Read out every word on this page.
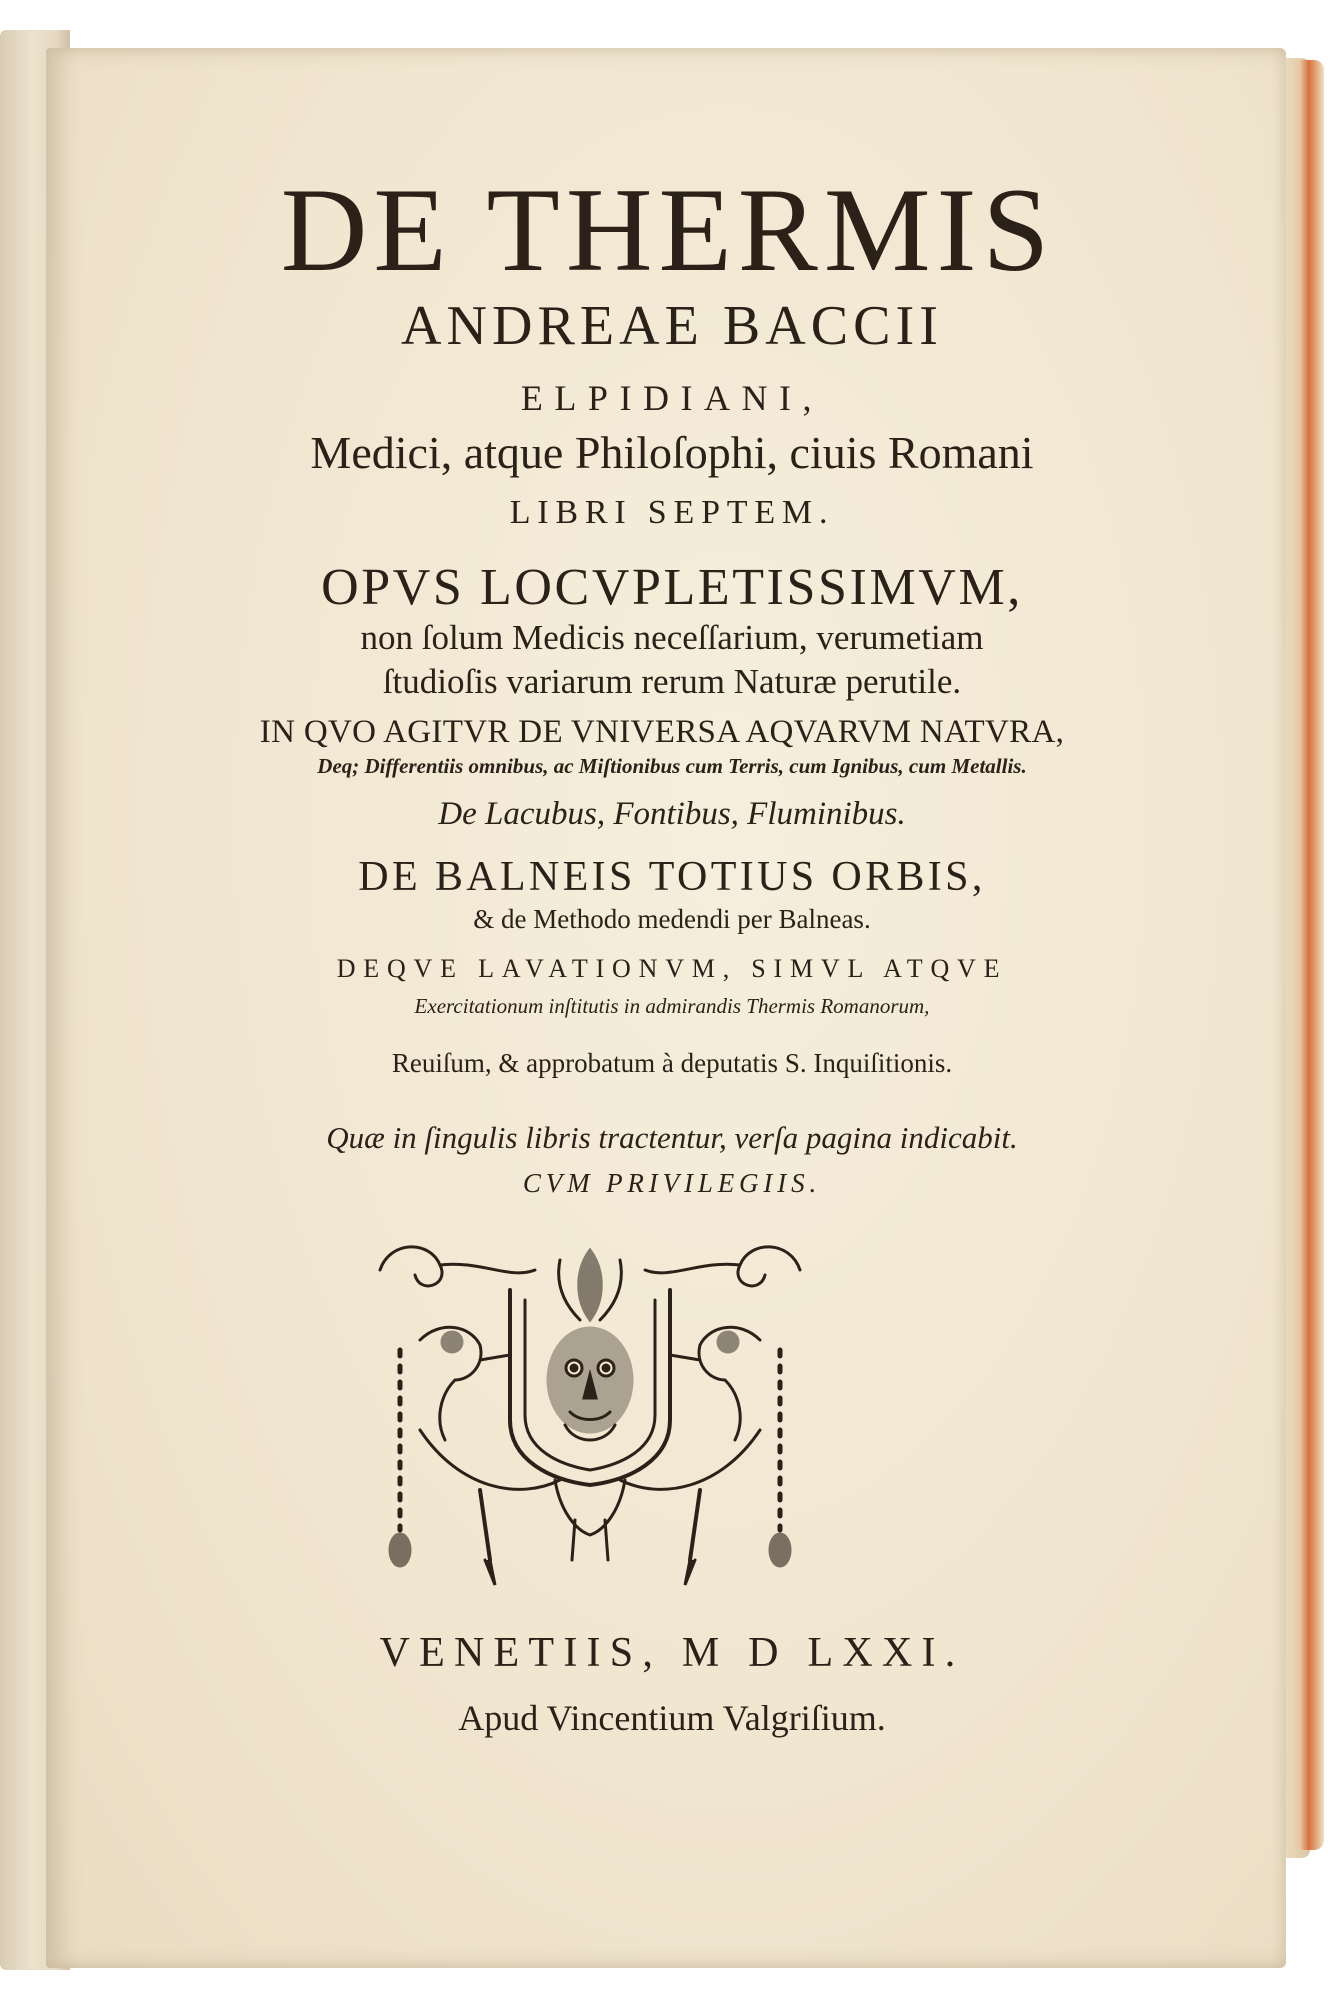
DE THERMIS
ANDREAE BACCII
ELPIDIANI,
Medici, atque Philoſophi, ciuis Romani
LIBRI SEPTEM.
OPVS LOCVPLETISSIMVM,
non ſolum Medicis neceſſarium, verumetiam
ſtudioſis variarum rerum Naturæ perutile.
IN QVO AGITVR DE VNIVERSA AQVARVM NATVRA,
Deq; Differentiis omnibus, ac Miſtionibus cum Terris, cum Ignibus, cum Metallis.
De Lacubus, Fontibus, Fluminibus.
DE BALNEIS TOTIUS ORBIS,
& de Methodo medendi per Balneas.
DEQVE LAVATIONVM, SIMVL ATQVE
Exercitationum inſtitutis in admirandis Thermis Romanorum,
Reuiſum, & approbatum à deputatis S. Inquiſitionis.
Quæ in ſingulis libris tractentur, verſa pagina indicabit.
CVM PRIVILEGIIS.
VENETIIS, M D LXXI.
Apud Vincentium Valgriſium.
